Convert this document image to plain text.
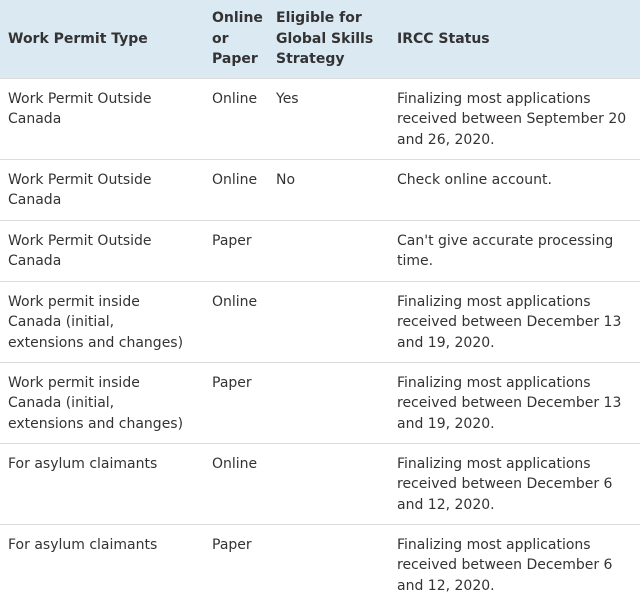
Work Permit Type	Online or Paper	Eligible for Global Skills Strategy	IRCC Status
Work Permit Outside Canada	Online	Yes	Finalizing most applications received between September 20 and 26, 2020.
Work Permit Outside Canada	Online	No	Check online account.
Work Permit Outside Canada	Paper		Can't give accurate processing time.
Work permit inside Canada (initial, extensions and changes)	Online		Finalizing most applications received between December 13 and 19, 2020.
Work permit inside Canada (initial, extensions and changes)	Paper		Finalizing most applications received between December 13 and 19, 2020.
For asylum claimants	Online		Finalizing most applications received between December 6 and 12, 2020.
For asylum claimants	Paper		Finalizing most applications received between December 6 and 12, 2020.
